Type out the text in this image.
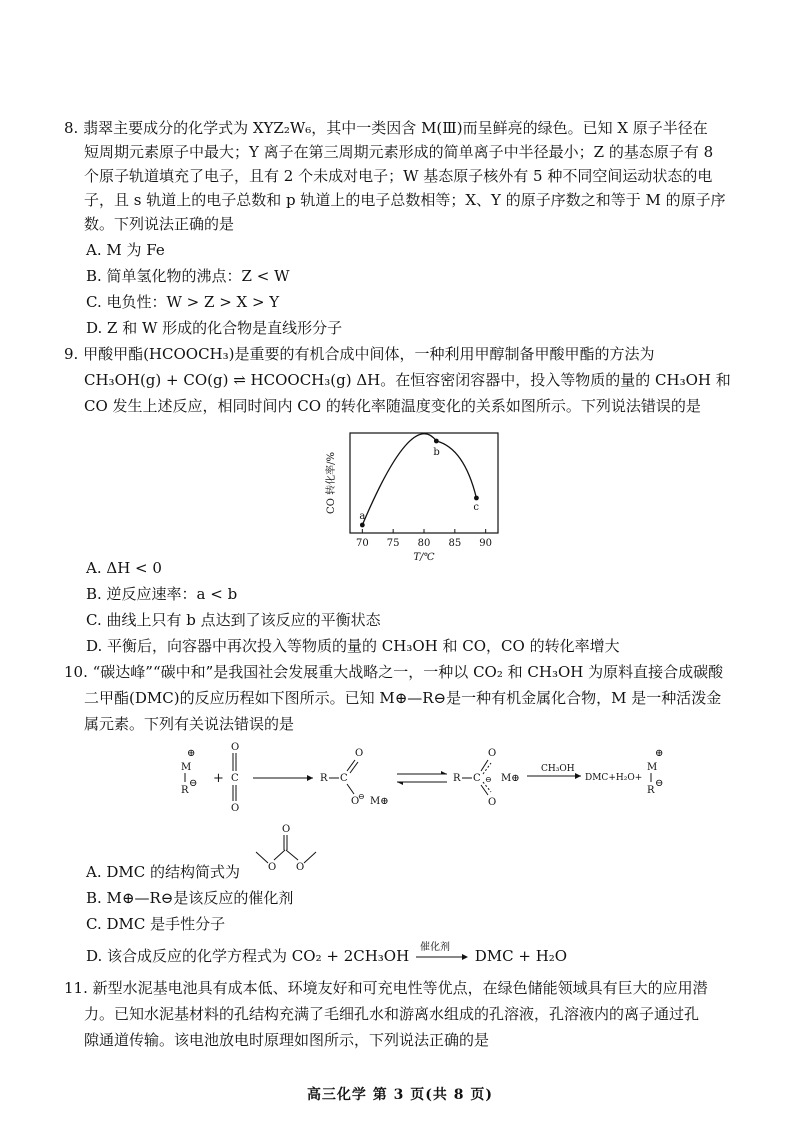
8. 翡翠主要成分的化学式为 XYZ₂W₆，其中一类因含 M(Ⅲ)而呈鲜亮的绿色。已知 X 原子半径在
短周期元素原子中最大；Y 离子在第三周期元素形成的简单离子中半径最小；Z 的基态原子有 8
个原子轨道填充了电子，且有 2 个未成对电子；W 基态原子核外有 5 种不同空间运动状态的电
子，且 s 轨道上的电子总数和 p 轨道上的电子总数相等；X、Y 的原子序数之和等于 M 的原子序
数。下列说法正确的是
A. M 为 Fe
B. 简单氢化物的沸点：Z < W
C. 电负性：W > Z > X > Y
D. Z 和 W 形成的化合物是直线形分子
9. 甲酸甲酯(HCOOCH₃)是重要的有机合成中间体，一种利用甲醇制备甲酸甲酯的方法为
CH₃OH(g) + CO(g) ⇌ HCOOCH₃(g) ΔH。在恒容密闭容器中，投入等物质的量的 CH₃OH 和
CO 发生上述反应，相同时间内 CO 的转化率随温度变化的关系如图所示。下列说法错误的是
CO 转化率/%
T/℃
70 75 80 85 90
a
b
c
A. ΔH < 0
B. 逆反应速率：a < b
C. 曲线上只有 b 点达到了该反应的平衡状态
D. 平衡后，向容器中再次投入等物质的量的 CH₃OH 和 CO，CO 的转化率增大
10. “碳达峰”“碳中和”是我国社会发展重大战略之一，一种以 CO₂ 和 CH₃OH 为原料直接合成碳酸
二甲酯(DMC)的反应历程如下图所示。已知 M⊕—R⊖是一种有机金属化合物，M 是一种活泼金
属元素。下列有关说法错误的是
⊕
M
R
⊖ +
O
C
O
R C
O
O
⊖ M⊕
R C
O
O
⊖ M⊕
CH₃OH
DMC+H₂O+
⊕
M
R
⊖
A. DMC 的结构简式为
O
O O
B. M⊕—R⊖是该反应的催化剂
C. DMC 是手性分子
D. 该合成反应的化学方程式为 CO₂ + 2CH₃OH 催化剂 DMC + H₂O
11. 新型水泥基电池具有成本低、环境友好和可充电性等优点，在绿色储能领域具有巨大的应用潜
力。已知水泥基材料的孔结构充满了毛细孔水和游离水组成的孔溶液，孔溶液内的离子通过孔
隙通道传输。该电池放电时原理如图所示，下列说法正确的是
高三化学 第 3 页(共 8 页)
